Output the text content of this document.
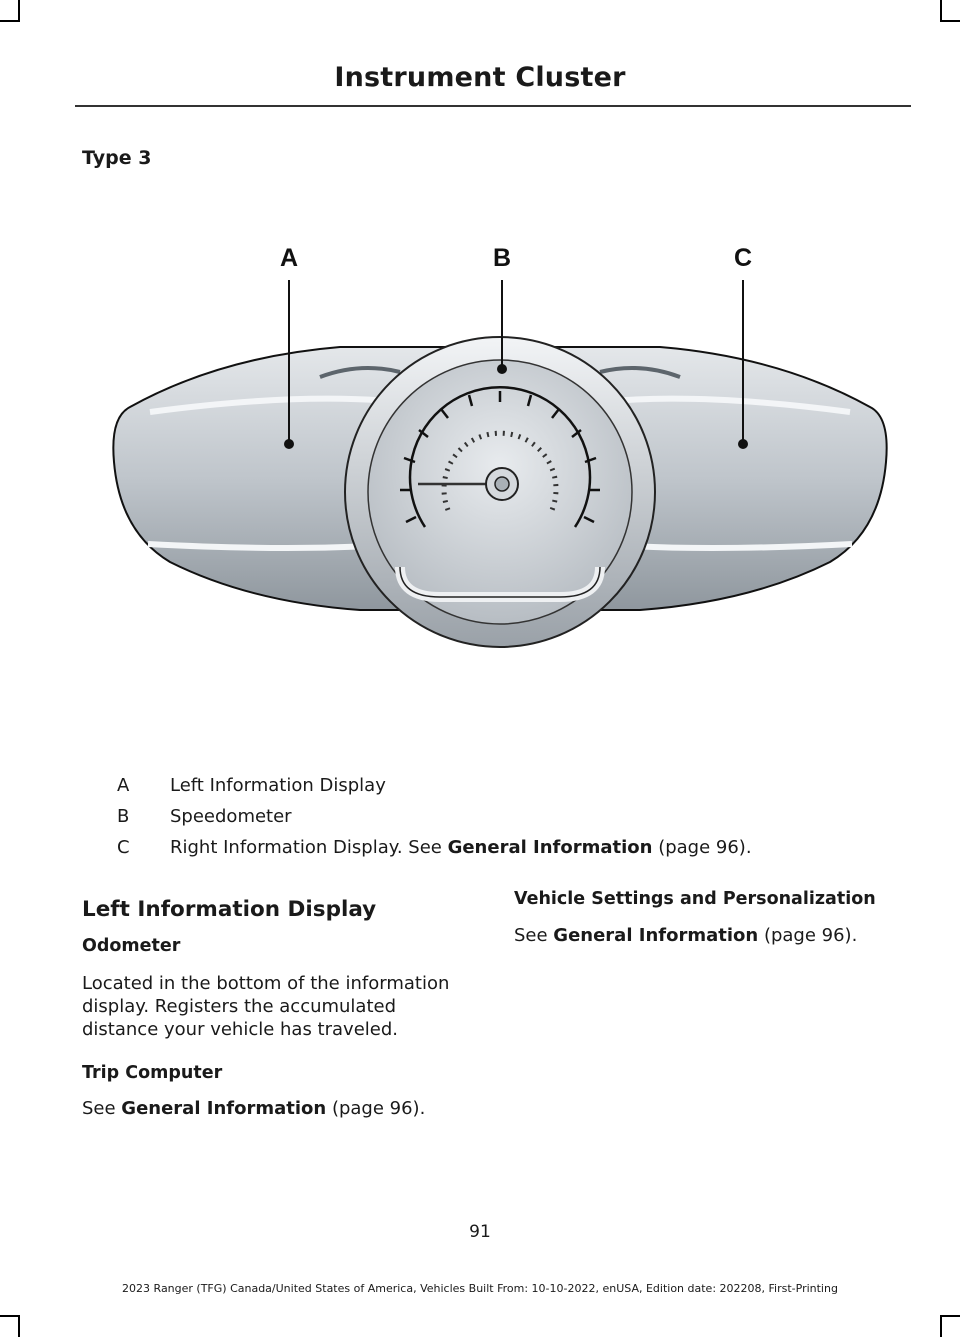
Instrument Cluster
Type 3
A	B	C
A	Left Information Display
B	Speedometer
C	Right Information Display. See General Information (page 96).
Left Information Display
Odometer
Located in the bottom of the information
display. Registers the accumulated
distance your vehicle has traveled.
Trip Computer
See General Information (page 96).
Vehicle Settings and Personalization
See General Information (page 96).
91
2023 Ranger (TFG) Canada/United States of America, Vehicles Built From: 10-10-2022, enUSA, Edition date: 202208, First-Printing
